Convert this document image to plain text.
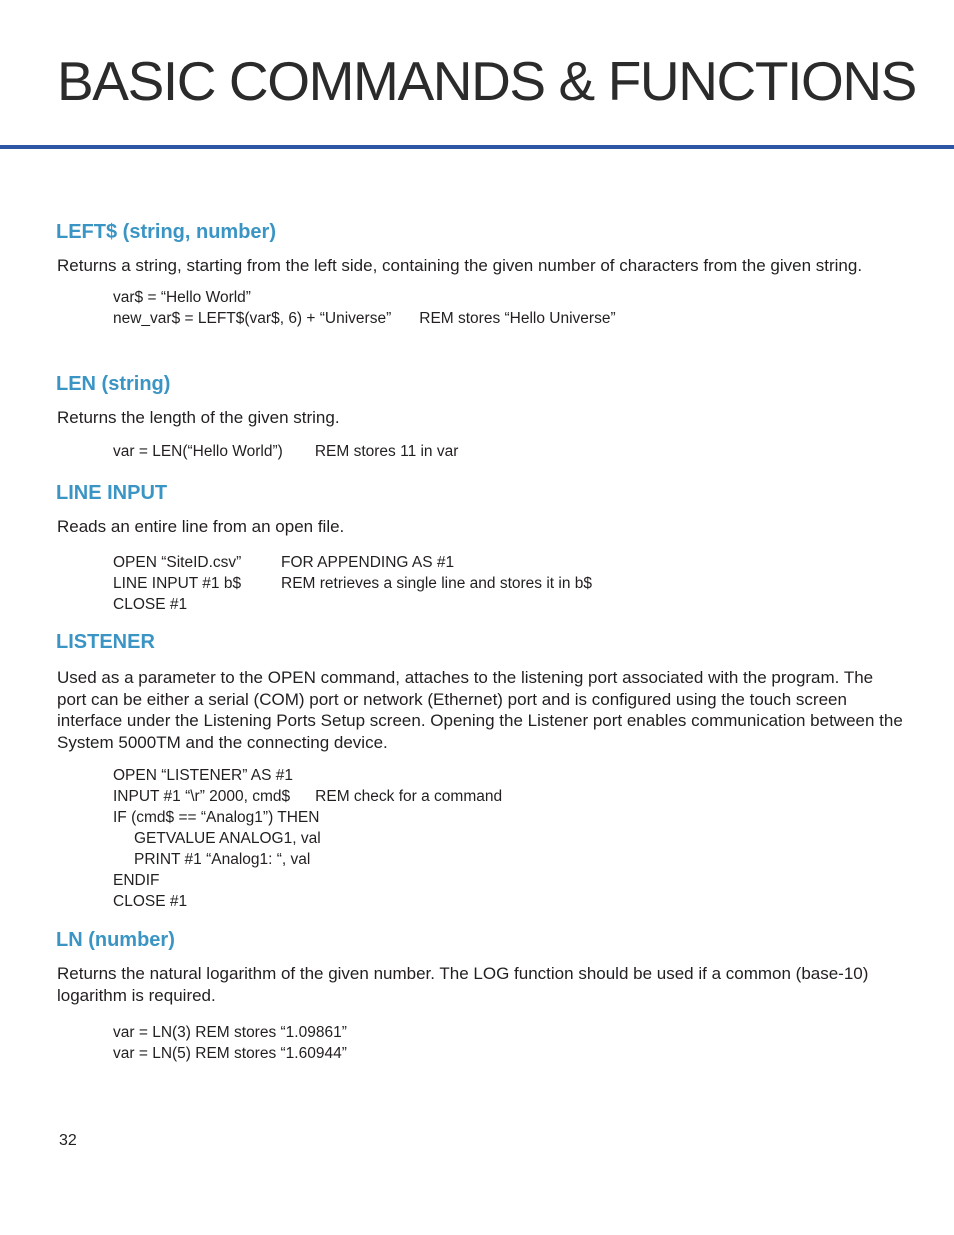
BASIC COMMANDS & FUNCTIONS
LEFT$ (string, number)

Returns a string, starting from the left side, containing the given number of characters from the given string.

var$ = “Hello World”
new_var$ = LEFT$(var$, 6) + “Universe” REM stores “Hello Universe”
LEN (string)

Returns the length of the given string.

var = LEN(“Hello World”) REM stores 11 in var
LINE INPUT

Reads an entire line from an open file.

OPEN “SiteID.csv”	FOR APPENDING AS #1
LINE INPUT #1 b$	REM retrieves a single line and stores it in b$
CLOSE #1
LISTENER

Used as a parameter to the OPEN command, attaches to the listening port associated with the program. The port can be either a serial (COM) port or network (Ethernet) port and is configured using the touch screen interface under the Listening Ports Setup screen. Opening the Listener port enables communication between the System 5000TM and the connecting device.

OPEN “LISTENER” AS #1
INPUT #1 “\r” 2000, cmd$ REM check for a command
IF (cmd$ == “Analog1”) THEN
GETVALUE ANALOG1, val
PRINT #1 “Analog1: “, val
ENDIF
CLOSE #1
LN (number)

Returns the natural logarithm of the given number. The LOG function should be used if a common (base-10) logarithm is required.

var = LN(3) REM stores “1.09861”
var = LN(5) REM stores “1.60944”
32
